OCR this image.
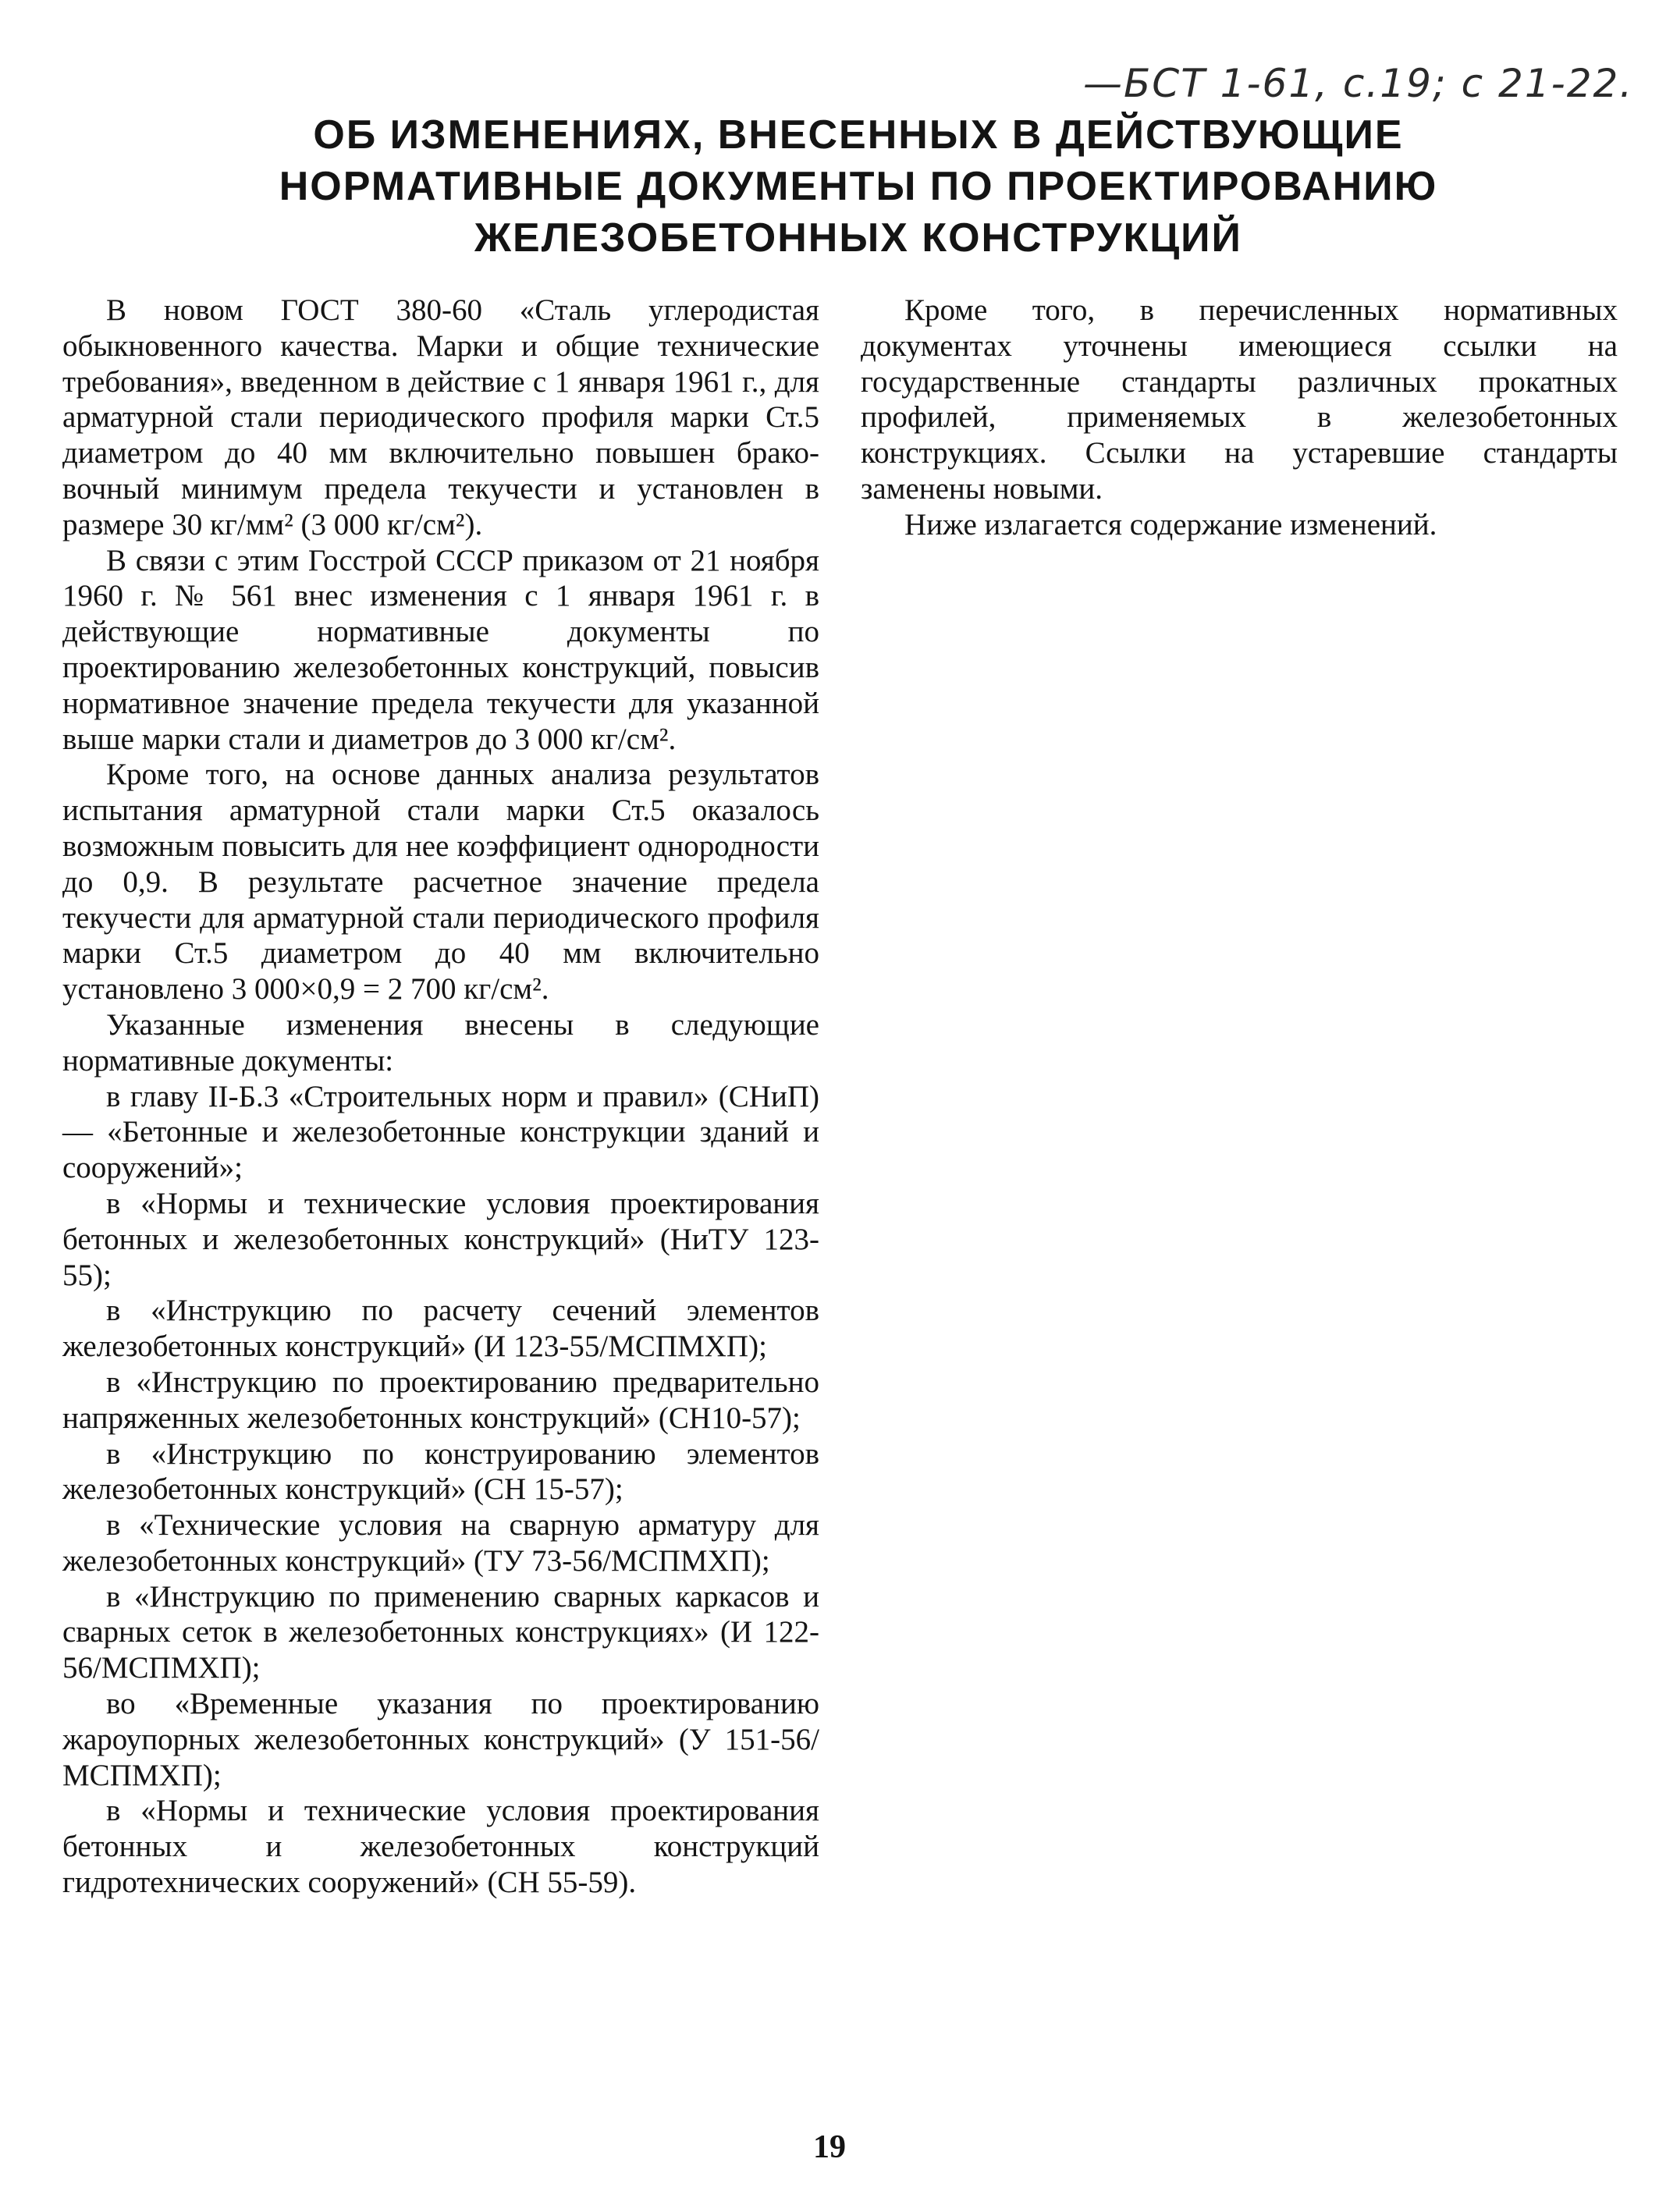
—БСТ 1-61, с.19; с 21-22.
ОБ ИЗМЕНЕНИЯХ, ВНЕСЕННЫХ В ДЕЙСТВУЮЩИЕ
НОРМАТИВНЫЕ ДОКУМЕНТЫ ПО ПРОЕКТИРОВАНИЮ
ЖЕЛЕЗОБЕТОННЫХ КОНСТРУКЦИЙ

В новом ГОСТ 380-60 «Сталь углеродистая обыкновенного качества. Марки и общие технические требования», введенном в действие с 1 января 1961 г., для арматурной стали периодического профиля марки Ст.5 диаметром до 40 мм включительно повышен браковочный минимум предела текучести и установлен в размере 30 кг/мм² (3 000 кг/см²).

В связи с этим Госстрой СССР приказом от 21 ноября 1960 г. № 561 внес изменения с 1 января 1961 г. в действующие нормативные документы по проектированию железобетонных конструкций, повысив нормативное значение предела текучести для указанной выше марки стали и диаметров до 3 000 кг/см².

Кроме того, на основе данных анализа результатов испытания арматурной стали марки Ст.5 оказалось возможным повысить для нее коэффициент однородности до 0,9. В результате расчетное значение предела текучести для арматурной стали периодического профиля марки Ст.5 диаметром до 40 мм включительно установлено 3 000×0,9 = 2 700 кг/см².

Указанные изменения внесены в следующие нормативные документы:

в главу II-Б.3 «Строительных норм и правил» (СНиП) — «Бетонные и железобетонные конструкции зданий и сооружений»;

в «Нормы и технические условия проектирования бетонных и железобетонных конструкций» (НиТУ 123-55);

в «Инструкцию по расчету сечений элементов железобетонных конструкций» (И 123-55/МСПМХП);

в «Инструкцию по проектированию предварительно напряженных железобетонных конструкций» (СН10-57);

в «Инструкцию по конструированию элементов железобетонных конструкций» (СН 15-57);

в «Технические условия на сварную арматуру для железобетонных конструкций» (ТУ 73-56/МСПМХП);

в «Инструкцию по применению сварных каркасов и сварных сеток в железобетонных конструкциях» (И 122-56/МСПМХП);

во «Временные указания по проектированию жароупорных железобетонных конструкций» (У 151-56/МСПМХП);

в «Нормы и технические условия проектирования бетонных и железобетонных конструкций гидротехнических сооружений» (СН 55-59).

Кроме того, в перечисленных нормативных документах уточнены имеющиеся ссылки на государственные стандарты различных прокатных профилей, применяемых в железобетонных конструкциях. Ссылки на устаревшие стандарты заменены новыми.

Ниже излагается содержание изменений.

19
